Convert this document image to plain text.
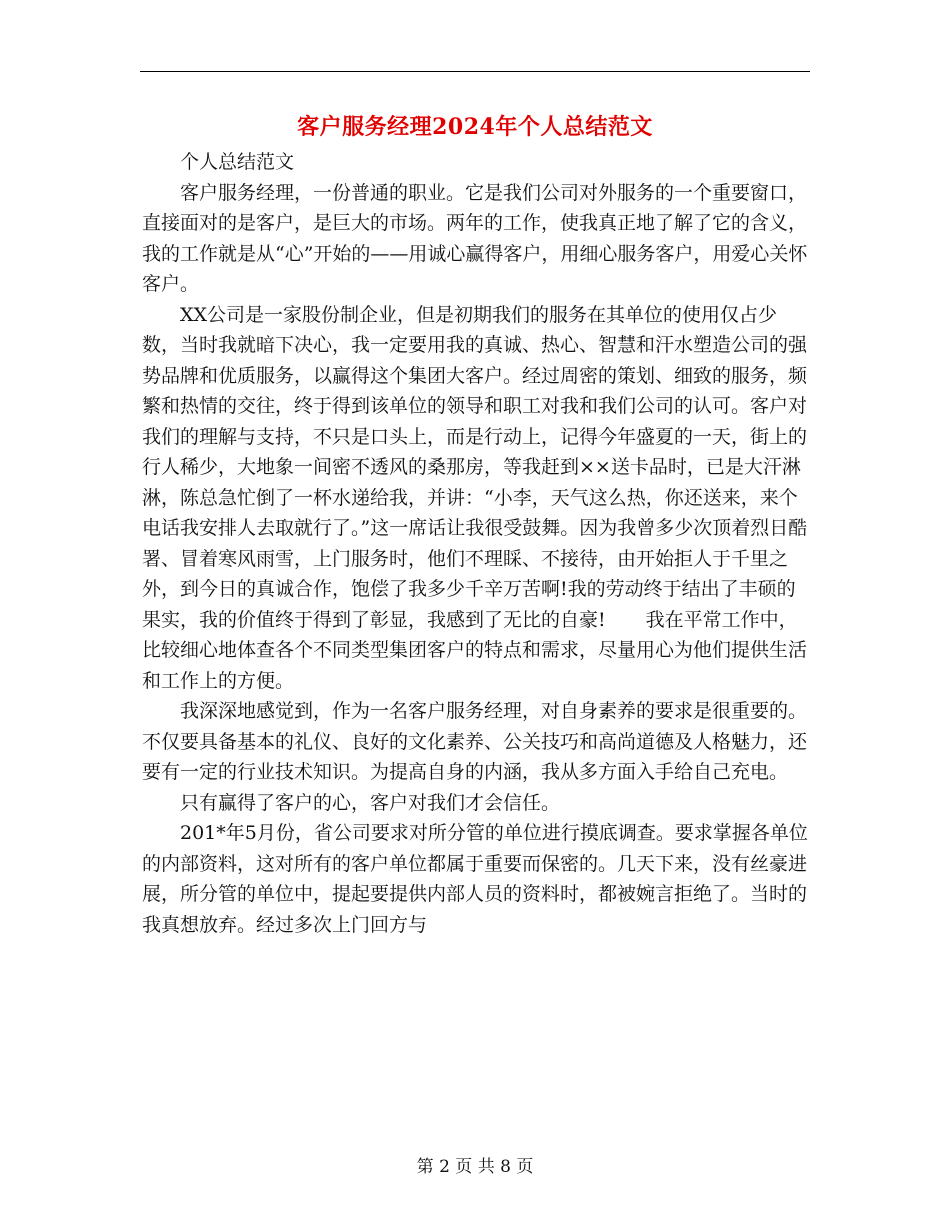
客户服务经理2024年个人总结范文

个人总结范文

客户服务经理，一份普通的职业。它是我们公司对外服务的一个重要窗口，直接面对的是客户，是巨大的市场。两年的工作，使我真正地了解了它的含义，我的工作就是从“心”开始的——用诚心赢得客户，用细心服务客户，用爱心关怀客户。

XX公司是一家股份制企业，但是初期我们的服务在其单位的使用仅占少数，当时我就暗下决心，我一定要用我的真诚、热心、智慧和汗水塑造公司的强势品牌和优质服务，以赢得这个集团大客户。经过周密的策划、细致的服务，频繁和热情的交往，终于得到该单位的领导和职工对我和我们公司的认可。客户对我们的理解与支持，不只是口头上，而是行动上，记得今年盛夏的一天，街上的行人稀少，大地象一间密不透风的桑那房，等我赶到××送卡品时，已是大汗淋淋，陈总急忙倒了一杯水递给我，并讲：“小李，天气这么热，你还送来，来个电话我安排人去取就行了。”这一席话让我很受鼓舞。因为我曾多少次顶着烈日酷署、冒着寒风雨雪，上门服务时，他们不理睬、不接待，由开始拒人于千里之外，到今日的真诚合作，饱偿了我多少千辛万苦啊!我的劳动终于结出了丰硕的果实，我的价值终于得到了彰显，我感到了无比的自豪! 我在平常工作中，比较细心地体查各个不同类型集团客户的特点和需求，尽量用心为他们提供生活和工作上的方便。

我深深地感觉到，作为一名客户服务经理，对自身素养的要求是很重要的。不仅要具备基本的礼仪、良好的文化素养、公关技巧和高尚道德及人格魅力，还要有一定的行业技术知识。为提高自身的内涵，我从多方面入手给自己充电。

只有赢得了客户的心，客户对我们才会信任。

201*年5月份，省公司要求对所分管的单位进行摸底调查。要求掌握各单位的内部资料，这对所有的客户单位都属于重要而保密的。几天下来，没有丝豪进展，所分管的单位中，提起要提供内部人员的资料时，都被婉言拒绝了。当时的我真想放弃。经过多次上门回方与

第 2 页 共 8 页
